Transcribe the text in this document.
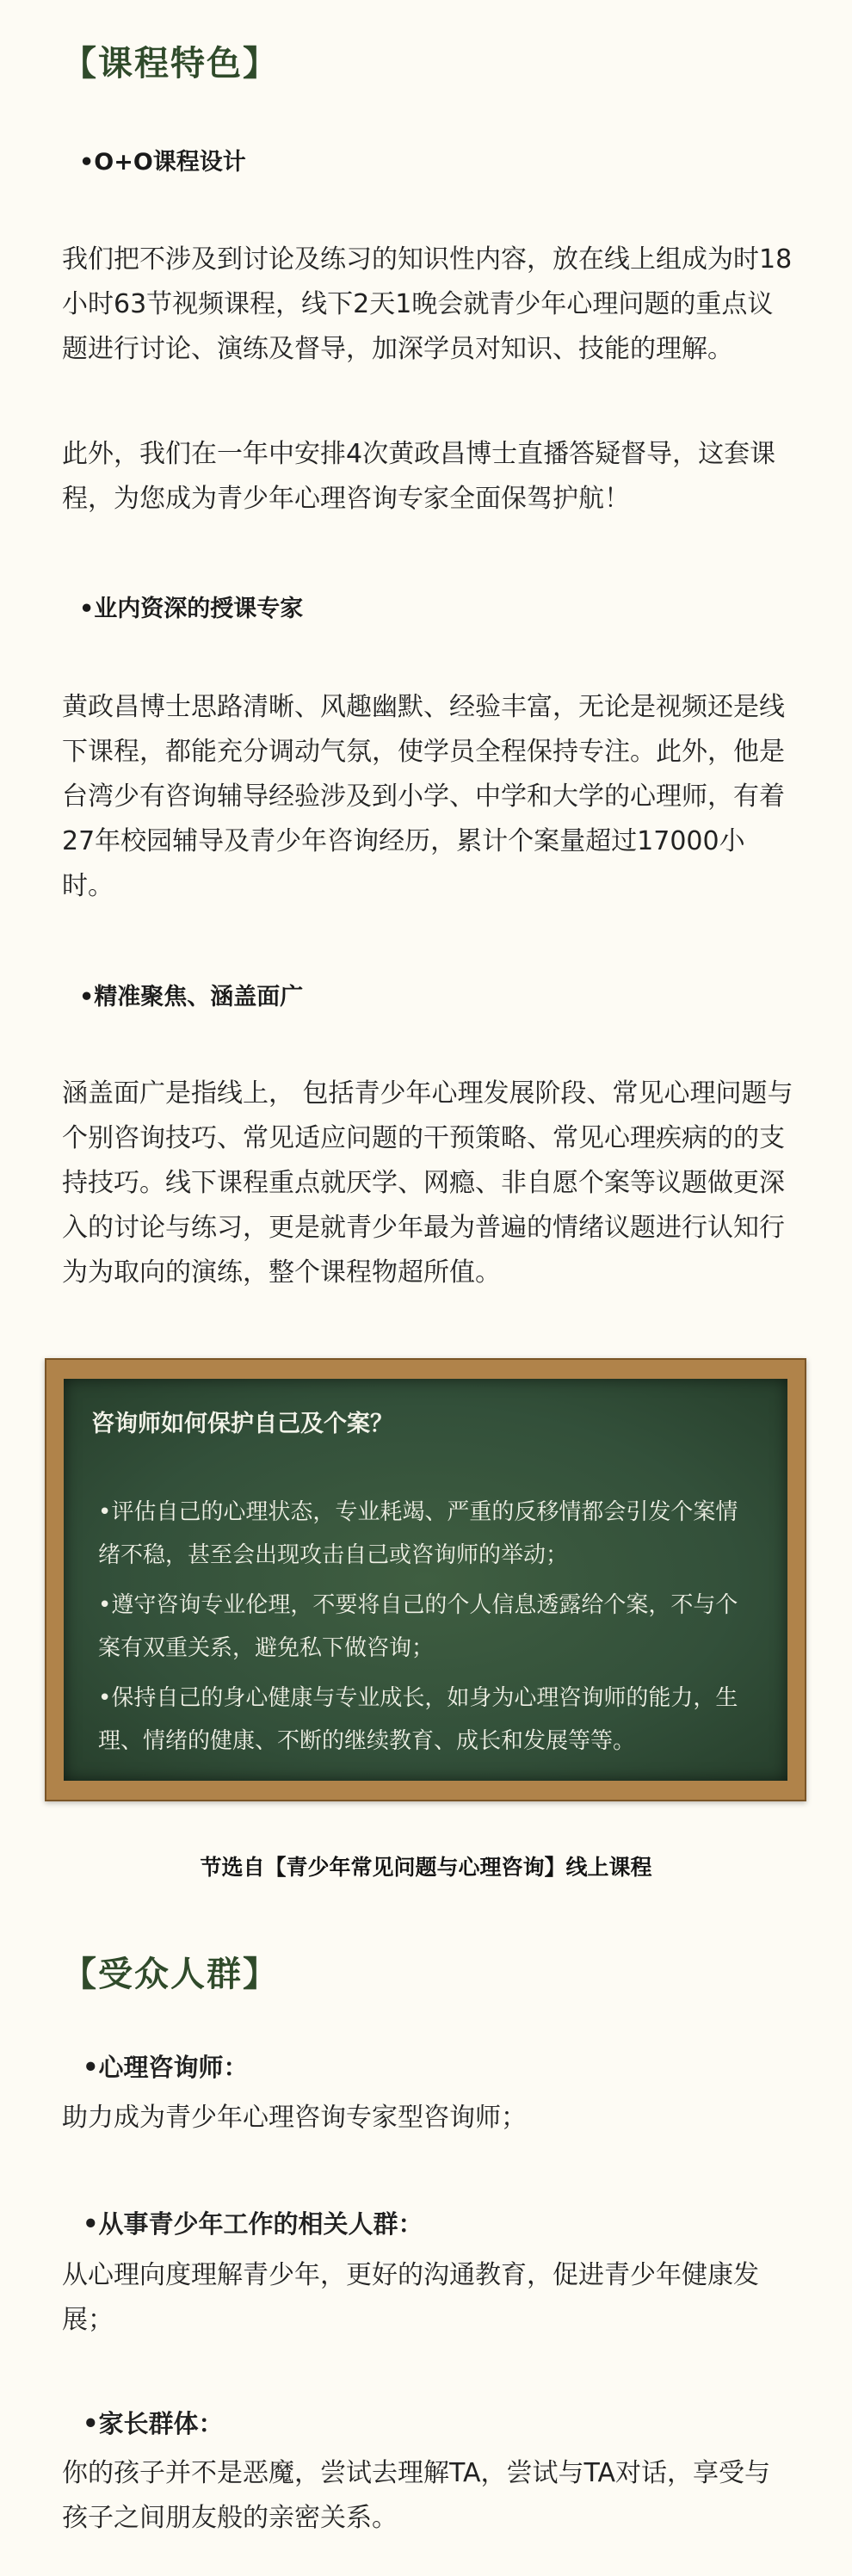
【课程特色】
•O+O课程设计

我们把不涉及到讨论及练习的知识性内容，放在线上组成为时18小时63节视频课程，线下2天1晚会就青少年心理问题的重点议题进行讨论、演练及督导，加深学员对知识、技能的理解。

此外，我们在一年中安排4次黄政昌博士直播答疑督导，这套课程，为您成为青少年心理咨询专家全面保驾护航！

•业内资深的授课专家

黄政昌博士思路清晰、风趣幽默、经验丰富，无论是视频还是线下课程，都能充分调动气氛，使学员全程保持专注。此外，他是台湾少有咨询辅导经验涉及到小学、中学和大学的心理师，有着27年校园辅导及青少年咨询经历，累计个案量超过17000小时。

•精准聚焦、涵盖面广

涵盖面广是指线上， 包括青少年心理发展阶段、常见心理问题与个别咨询技巧、常见适应问题的干预策略、常见心理疾病的的支持技巧。线下课程重点就厌学、网瘾、非自愿个案等议题做更深入的讨论与练习，更是就青少年最为普遍的情绪议题进行认知行为为取向的演练，整个课程物超所值。

咨询师如何保护自己及个案？
•评估自己的心理状态，专业耗竭、严重的反移情都会引发个案情绪不稳，甚至会出现攻击自己或咨询师的举动；
•遵守咨询专业伦理，不要将自己的个人信息透露给个案，不与个案有双重关系，避免私下做咨询；
•保持自己的身心健康与专业成长，如身为心理咨询师的能力，生理、情绪的健康、不断的继续教育、成长和发展等等。

节选自【青少年常见问题与心理咨询】线上课程

【受众人群】
•心理咨询师：

助力成为青少年心理咨询专家型咨询师；

•从事青少年工作的相关人群：

从心理向度理解青少年，更好的沟通教育，促进青少年健康发展；

•家长群体：

你的孩子并不是恶魔，尝试去理解TA，尝试与TA对话，享受与孩子之间朋友般的亲密关系。
